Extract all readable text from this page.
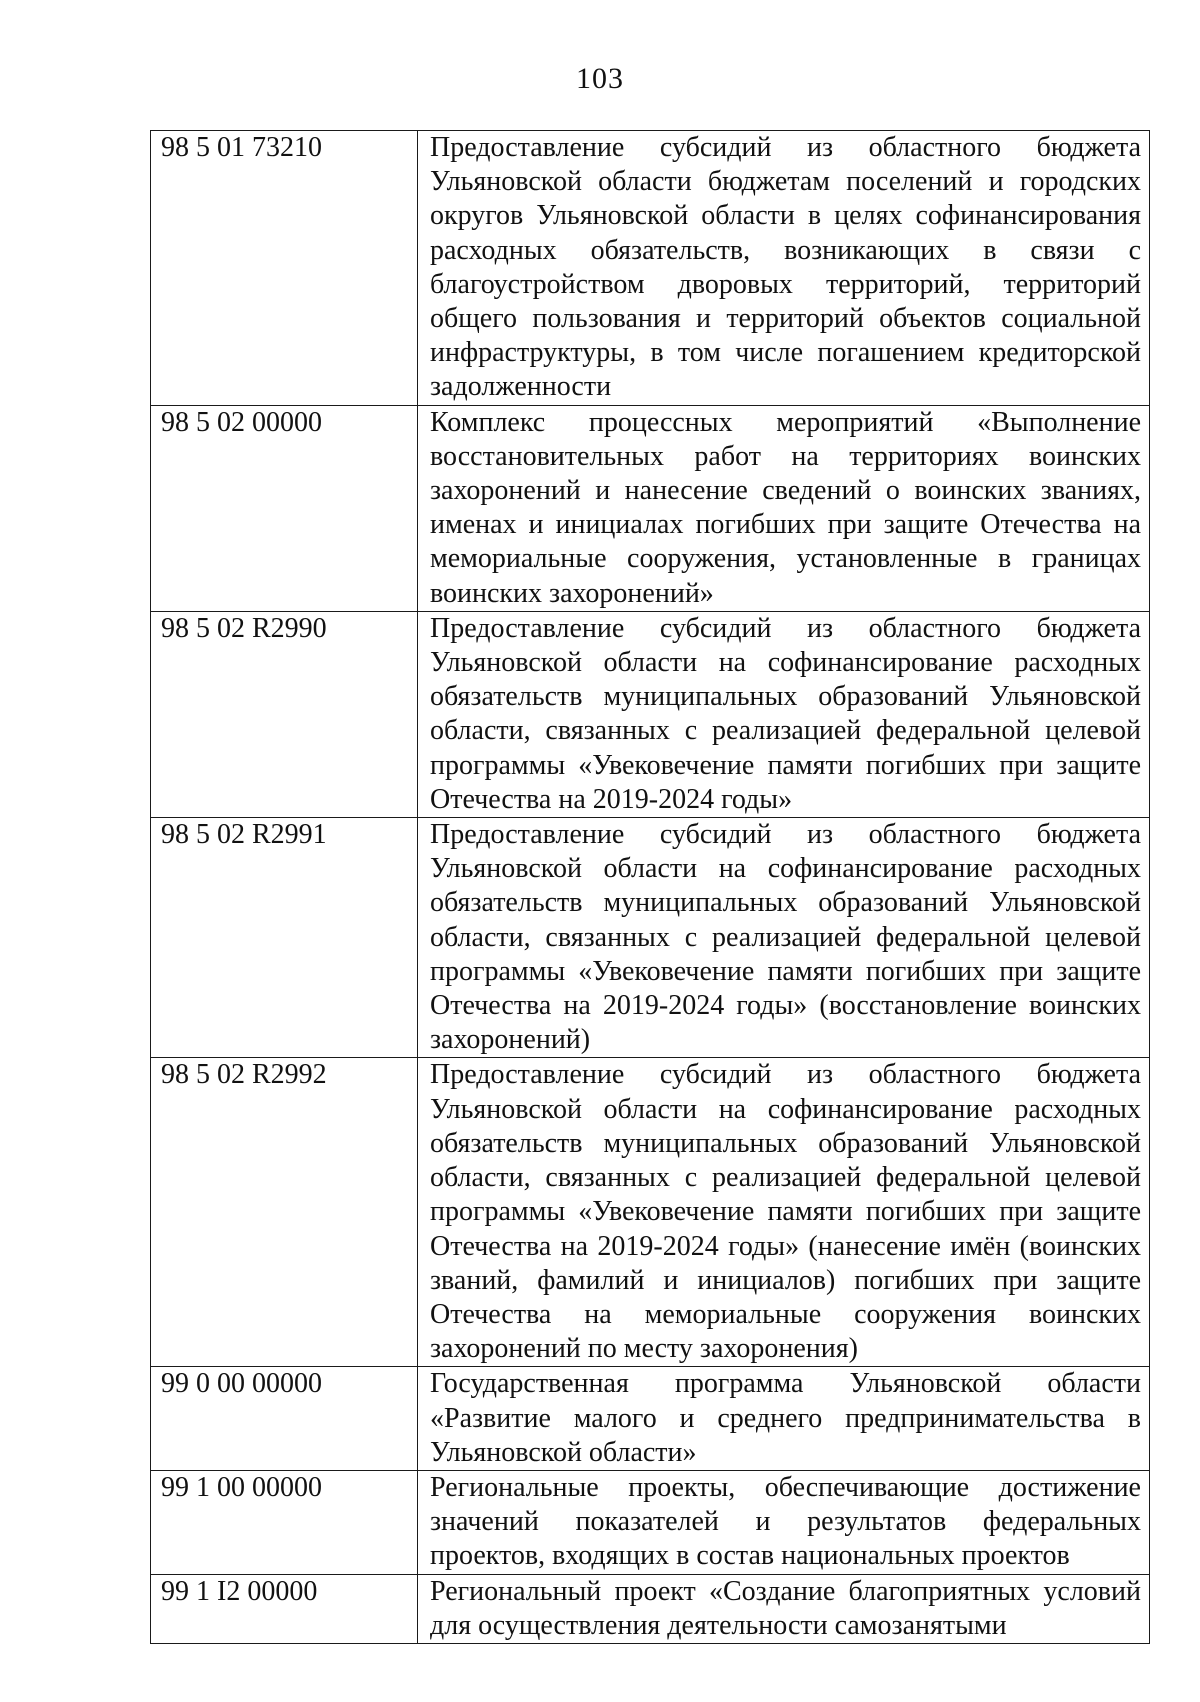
103
98 5 01 73210	Предоставление субсидий из областного бюджета Ульяновской области бюджетам поселений и городских округов Ульяновской области в целях софинансирования расходных обязательств, возникающих в связи с благоустройством дворовых территорий, территорий общего пользования и территорий объектов социальной инфраструктуры, в том числе погашением кредиторской задолженности
98 5 02 00000	Комплекс процессных мероприятий «Выполнение восстановительных работ на территориях воинских захоронений и нанесение сведений о воинских званиях, именах и инициалах погибших при защите Отечества на мемориальные сооружения, установленные в границах воинских захоронений»
98 5 02 R2990	Предоставление субсидий из областного бюджета Ульяновской области на софинансирование расходных обязательств муниципальных образований Ульяновской области, связанных с реализацией федеральной целевой программы «Увековечение памяти погибших при защите Отечества на 2019-2024 годы»
98 5 02 R2991	Предоставление субсидий из областного бюджета Ульяновской области на софинансирование расходных обязательств муниципальных образований Ульяновской области, связанных с реализацией федеральной целевой программы «Увековечение памяти погибших при защите Отечества на 2019-2024 годы» (восстановление воинских захоронений)
98 5 02 R2992	Предоставление субсидий из областного бюджета Ульяновской области на софинансирование расходных обязательств муниципальных образований Ульяновской области, связанных с реализацией федеральной целевой программы «Увековечение памяти погибших при защите Отечества на 2019-2024 годы» (нанесение имён (воинских званий, фамилий и инициалов) погибших при защите Отечества на мемориальные сооружения воинских захоронений по месту захоронения)
99 0 00 00000	Государственная программа Ульяновской области «Развитие малого и среднего предпринимательства в Ульяновской области»
99 1 00 00000	Региональные проекты, обеспечивающие достижение значений показателей и результатов федеральных проектов, входящих в состав национальных проектов
99 1 I2 00000	Региональный проект «Создание благоприятных условий для осуществления деятельности самозанятыми
